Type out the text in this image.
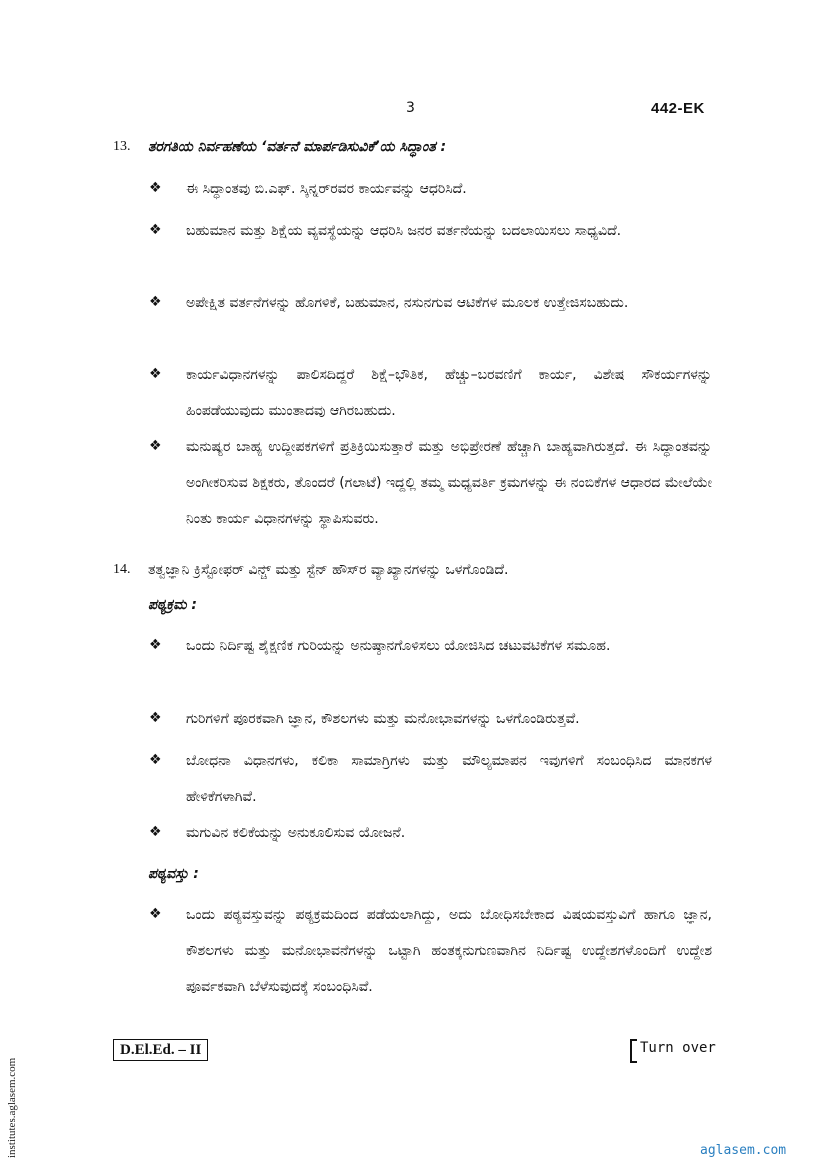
3	442-EK
13. ತರಗತಿಯ ನಿರ್ವಹಣೆಯ ‘ವರ್ತನೆ ಮಾರ್ಪಡಿಸುವಿಕೆ’ಯ ಸಿದ್ಧಾಂತ :
❖ ಈ ಸಿದ್ಧಾಂತವು ಬಿ.ಎಫ್. ಸ್ಕಿನ್ನರ್‌ರವರ ಕಾರ್ಯವನ್ನು ಆಧರಿಸಿದೆ.
❖ ಬಹುಮಾನ ಮತ್ತು ಶಿಕ್ಷೆಯ ವ್ಯವಸ್ಥೆಯನ್ನು ಆಧರಿಸಿ ಜನರ ವರ್ತನೆಯನ್ನು ಬದಲಾಯಿಸಲು ಸಾಧ್ಯವಿದೆ.
❖ ಅಪೇಕ್ಷಿತ ವರ್ತನೆಗಳನ್ನು ಹೊಗಳಿಕೆ, ಬಹುಮಾನ, ನಸುನಗುವ ಆಟಿಕೆಗಳ ಮೂಲಕ ಉತ್ತೇಜಿಸಬಹುದು.
❖ ಕಾರ್ಯವಿಧಾನಗಳನ್ನು ಪಾಲಿಸದಿದ್ದರೆ ಶಿಕ್ಷೆ–ಭೌತಿಕ, ಹೆಚ್ಚು–ಬರವಣಿಗೆ ಕಾರ್ಯ, ವಿಶೇಷ ಸೌಕರ್ಯಗಳನ್ನು ಹಿಂಪಡೆಯುವುದು ಮುಂತಾದವು ಆಗಿರಬಹುದು.
❖ ಮನುಷ್ಯರ ಬಾಹ್ಯ ಉದ್ದೀಪಕಗಳಿಗೆ ಪ್ರತಿಕ್ರಿಯಿಸುತ್ತಾರೆ ಮತ್ತು ಅಭಿಪ್ರೇರಣೆ ಹೆಚ್ಚಾಗಿ ಬಾಹ್ಯವಾಗಿರುತ್ತದೆ. ಈ ಸಿದ್ಧಾಂತವನ್ನು ಅಂಗೀಕರಿಸುವ ಶಿಕ್ಷಕರು, ತೊಂದರೆ (ಗಲಾಟೆ) ಇದ್ದಲ್ಲಿ ತಮ್ಮ ಮಧ್ಯವರ್ತಿ ಕ್ರಮಗಳನ್ನು ಈ ನಂಬಿಕೆಗಳ ಆಧಾರದ ಮೇಲೆಯೇ ನಿಂತು ಕಾರ್ಯ ವಿಧಾನಗಳನ್ನು ಸ್ಥಾಪಿಸುವರು.
14. ತತ್ವಜ್ಞಾನಿ ಕ್ರಿಸ್ಟೋಫರ್ ವಿನ್ಚ್ ಮತ್ತು ಸ್ಟೆನ್ ಹೌಸ್‌ರ ವ್ಯಾಖ್ಯಾನಗಳನ್ನು ಒಳಗೊಂಡಿದೆ.
ಪಠ್ಯಕ್ರಮ :
❖ ಒಂದು ನಿರ್ದಿಷ್ಟ ಶೈಕ್ಷಣಿಕ ಗುರಿಯನ್ನು ಅನುಷ್ಠಾನಗೊಳಿಸಲು ಯೋಜಿಸಿದ ಚಟುವಟಿಕೆಗಳ ಸಮೂಹ.
❖ ಗುರಿಗಳಿಗೆ ಪೂರಕವಾಗಿ ಜ್ಞಾನ, ಕೌಶಲಗಳು ಮತ್ತು ಮನೋಭಾವಗಳನ್ನು ಒಳಗೊಂಡಿರುತ್ತವೆ.
❖ ಬೋಧನಾ ವಿಧಾನಗಳು, ಕಲಿಕಾ ಸಾಮಾಗ್ರಿಗಳು ಮತ್ತು ಮೌಲ್ಯಮಾಪನ ಇವುಗಳಿಗೆ ಸಂಬಂಧಿಸಿದ ಮಾನಕಗಳ ಹೇಳಿಕೆಗಳಾಗಿವೆ.
❖ ಮಗುವಿನ ಕಲಿಕೆಯನ್ನು ಅನುಕೂಲಿಸುವ ಯೋಜನೆ.
ಪಠ್ಯವಸ್ತು :
❖ ಒಂದು ಪಠ್ಯವಸ್ತುವನ್ನು ಪಠ್ಯಕ್ರಮದಿಂದ ಪಡೆಯಲಾಗಿದ್ದು, ಅದು ಬೋಧಿಸಬೇಕಾದ ವಿಷಯವಸ್ತುವಿಗೆ ಹಾಗೂ ಜ್ಞಾನ, ಕೌಶಲಗಳು ಮತ್ತು ಮನೋಭಾವನೆಗಳನ್ನು ಒಟ್ಟಾಗಿ ಹಂತಕ್ಕನುಗುಣವಾಗಿನ ನಿರ್ದಿಷ್ಟ ಉದ್ದೇಶಗಳೊಂದಿಗೆ ಉದ್ದೇಶ ಪೂರ್ವಕವಾಗಿ ಬೆಳೆಸುವುದಕ್ಕೆ ಸಂಬಂಧಿಸಿವೆ.
D.El.Ed. – II	Turn over
institutes.aglasem.com	aglasem.com
